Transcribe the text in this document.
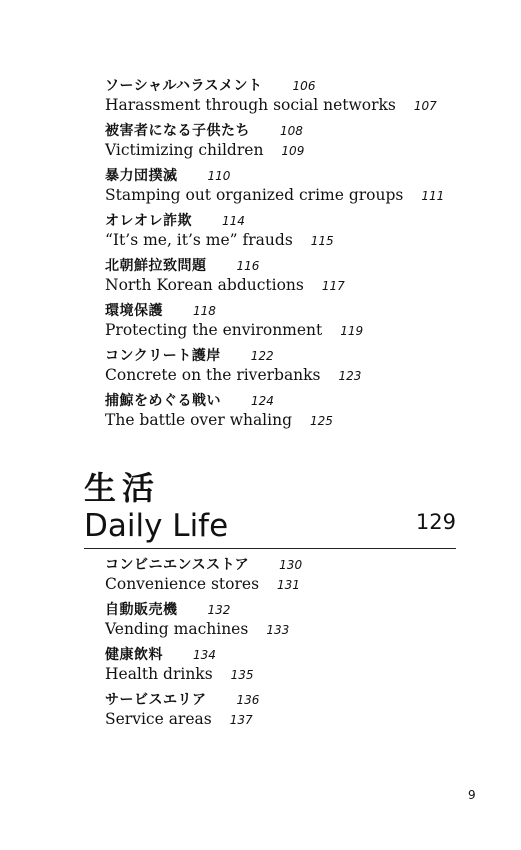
ソーシャルハラスメント	106
Harassment through social networks 107
被害者になる子供たち	108
Victimizing children 109
暴力団撲滅	110
Stamping out organized crime groups 111
オレオレ詐欺	114
“It’s me, it’s me” frauds 115
北朝鮮拉致問題	116
North Korean abductions 117
環境保護	118
Protecting the environment 119
コンクリート護岸	122
Concrete on the riverbanks 123
捕鯨をめぐる戦い	124
The battle over whaling 125
生活
Daily Life	129
コンビニエンスストア	130
Convenience stores 131
自動販売機	132
Vending machines 133
健康飲料	134
Health drinks 135
サービスエリア	136
Service areas 137
9
